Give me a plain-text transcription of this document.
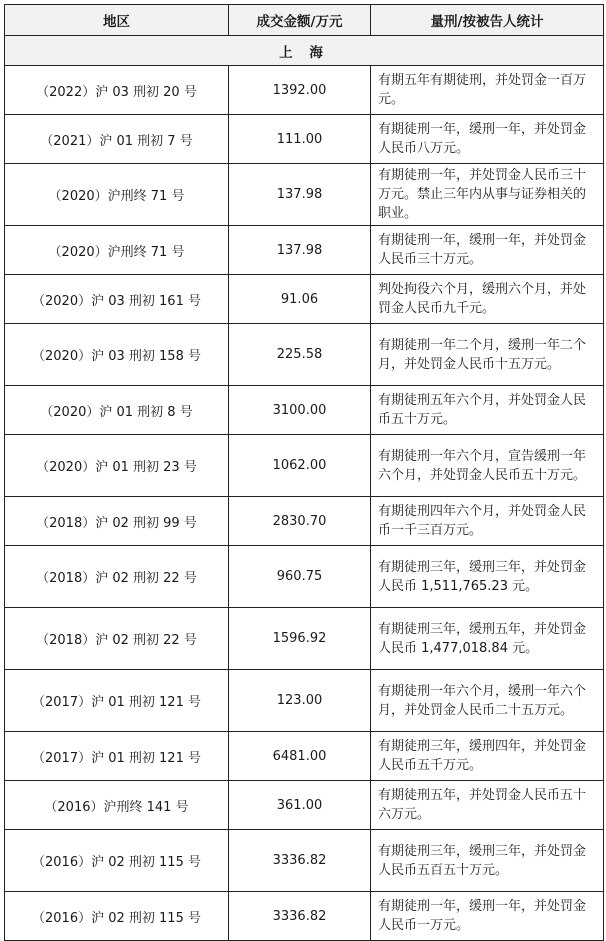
地区	成交金额/万元	量刑/按被告人统计
上 海		
（2022）沪 03 刑初 20 号	1392.00	有期五年有期徒刑，并处罚金一百万元。
（2021）沪 01 刑初 7 号	111.00	有期徒刑一年，缓刑一年，并处罚金人民币八万元。
（2020）沪刑终 71 号	137.98	有期徒刑一年，并处罚金人民币三十万元。禁止三年内从事与证券相关的职业。
（2020）沪刑终 71 号	137.98	有期徒刑一年，缓刑一年，并处罚金人民币三十万元。
（2020）沪 03 刑初 161 号	91.06	判处拘役六个月，缓刑六个月，并处罚金人民币九千元。
（2020）沪 03 刑初 158 号	225.58	有期徒刑一年二个月，缓刑一年二个月，并处罚金人民币十五万元。
（2020）沪 01 刑初 8 号	3100.00	有期徒刑五年六个月，并处罚金人民币五十万元。
（2020）沪 01 刑初 23 号	1062.00	有期徒刑一年六个月，宣告缓刑一年六个月，并处罚金人民币五十万元。
（2018）沪 02 刑初 99 号	2830.70	有期徒刑四年六个月，并处罚金人民币一千三百万元。
（2018）沪 02 刑初 22 号	960.75	有期徒刑三年，缓刑三年，并处罚金人民币 1,511,765.23 元。
（2018）沪 02 刑初 22 号	1596.92	有期徒刑三年，缓刑五年，并处罚金人民币 1,477,018.84 元。
（2017）沪 01 刑初 121 号	123.00	有期徒刑一年六个月，缓刑一年六个月，并处罚金人民币二十五万元。
（2017）沪 01 刑初 121 号	6481.00	有期徒刑三年，缓刑四年，并处罚金人民币五千万元。
（2016）沪刑终 141 号	361.00	有期徒刑五年，并处罚金人民币五十六万元。
（2016）沪 02 刑初 115 号	3336.82	有期徒刑三年，缓刑三年，并处罚金人民币五百五十万元。
（2016）沪 02 刑初 115 号	3336.82	有期徒刑一年，缓刑一年，并处罚金人民币一万元。
